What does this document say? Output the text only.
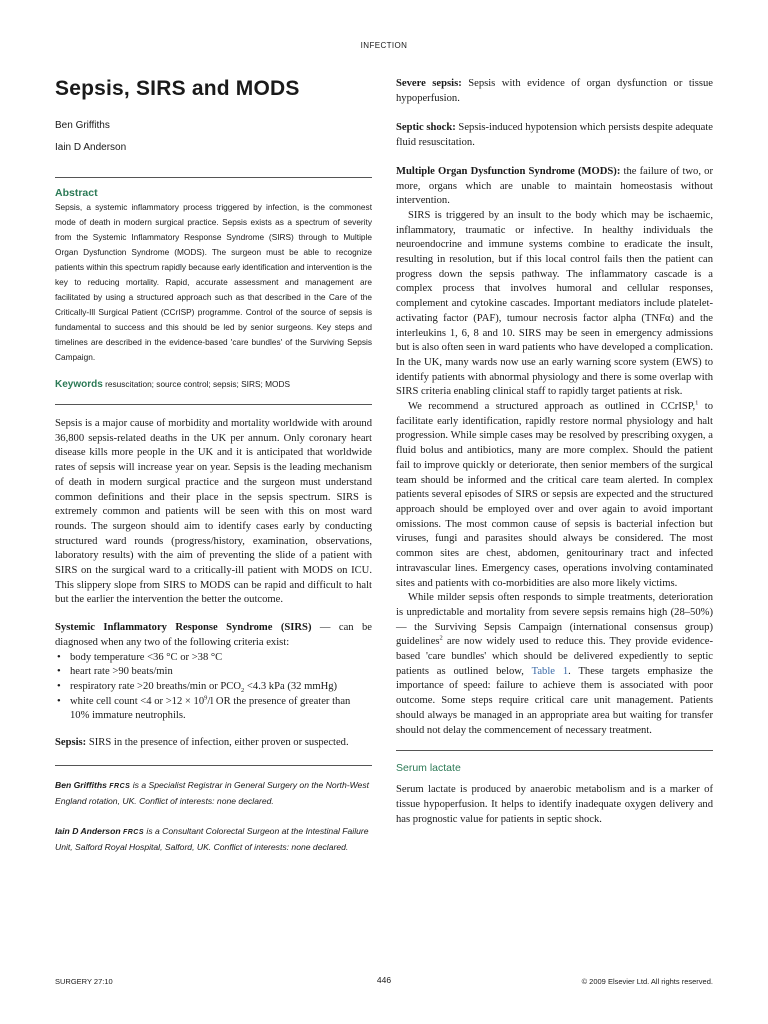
INFECTION
Sepsis, SIRS and MODS
Ben Griffiths
Iain D Anderson
Abstract

Sepsis, a systemic inflammatory process triggered by infection, is the commonest mode of death in modern surgical practice. Sepsis exists as a spectrum of severity from the Systemic Inflammatory Response Syndrome (SIRS) through to Multiple Organ Dysfunction Syndrome (MODS). The surgeon must be able to recognize patients within this spectrum rapidly because early identification and intervention is the key to reducing mortality. Rapid, accurate assessment and management are facilitated by using a structured approach such as that described in the Care of the Critically-Ill Surgical Patient (CCrISP) programme. Control of the source of sepsis is fundamental to success and this should be led by senior surgeons. Key steps and timelines are described in the evidence-based 'care bundles' of the Surviving Sepsis Campaign.

Keywords resuscitation; source control; sepsis; SIRS; MODS

Sepsis is a major cause of morbidity and mortality worldwide with around 36,800 sepsis-related deaths in the UK per annum. Only coronary heart disease kills more people in the UK and it is anticipated that worldwide rates of sepsis will increase year on year. Sepsis is the leading mechanism of death in modern surgical practice and the surgeon must understand common definitions and their place in the sepsis spectrum. SIRS is extremely common and patients will be seen with this on most ward rounds. The surgeon should aim to identify cases early by conducting structured ward rounds (progress/history, examination, observations, laboratory results) with the aim of preventing the slide of a patient with SIRS on the surgical ward to a critically-ill patient with MODS on ICU. This slippery slope from SIRS to MODS can be rapid and difficult to halt but the earlier the intervention the better the outcome.

Systemic Inflammatory Response Syndrome (SIRS) — can be diagnosed when any two of the following criteria exist:

• body temperature <36 °C or >38 °C
• heart rate >90 beats/min
• respiratory rate >20 breaths/min or $PCO_2 <4.3$ kPa (32 mmHg)
• white cell count <4 or $>12 \times 10^9/l$ OR the presence of greater than 10% immature neutrophils.

Sepsis: SIRS in the presence of infection, either proven or suspected.

Ben Griffiths FRCS is a Specialist Registrar in General Surgery on the North-West England rotation, UK. Conflict of interests: none declared.

Iain D Anderson FRCS is a Consultant Colorectal Surgeon at the Intestinal Failure Unit, Salford Royal Hospital, Salford, UK. Conflict of interests: none declared.

Severe sepsis: Sepsis with evidence of organ dysfunction or tissue hypoperfusion.

Septic shock: Sepsis-induced hypotension which persists despite adequate fluid resuscitation.

Multiple Organ Dysfunction Syndrome (MODS): the failure of two, or more, organs which are unable to maintain homeostasis without intervention.

SIRS is triggered by an insult to the body which may be ischaemic, inflammatory, traumatic or infective. In healthy individuals the neuroendocrine and immune systems combine to eradicate the insult, resulting in resolution, but if this local control fails then the patient can progress down the sepsis pathway. The inflammatory cascade is a complex process that involves humoral and cellular responses, complement and cytokine cascades. Important mediators include platelet-activating factor (PAF), tumour necrosis factor alpha (TNFα) and the interleukins 1, 6, 8 and 10. SIRS may be seen in emergency admissions but is also often seen in ward patients who have developed a complication. In the UK, many wards now use an early warning score system (EWS) to identify patients with abnormal physiology and there is some overlap with SIRS criteria enabling clinical staff to rapidly target patients at risk.

We recommend a structured approach as outlined in CCrISP,$^1$ to facilitate early identification, rapidly restore normal physiology and halt progression. While simple cases may be resolved by prescribing oxygen, a fluid bolus and antibiotics, many are more complex. Should the patient fail to improve quickly or deteriorate, then senior members of the surgical team should be informed and the critical care team alerted. In complex patients several episodes of SIRS or sepsis are expected and the structured approach should be employed over and over again to avoid important omissions. The most common cause of sepsis is bacterial infection but viruses, fungi and parasites should always be considered. The most common sites are chest, abdomen, genitourinary tract and infected intravascular lines. Emergency cases, operations involving contaminated sites and patients with co-morbidities are also more likely victims.

While milder sepsis often responds to simple treatments, deterioration is unpredictable and mortality from severe sepsis remains high (28–50%) — the Surviving Sepsis Campaign (international consensus group) guidelines$^2$ are now widely used to reduce this. They provide evidence-based 'care bundles' which should be delivered expediently to septic patients as outlined below, Table 1. These targets emphasize the importance of speed: failure to achieve them is associated with poor outcome. Some steps require critical care unit management. Patients should always be managed in an appropriate area but waiting for transfer should not delay the commencement of necessary treatment.

Serum lactate

Serum lactate is produced by anaerobic metabolism and is a marker of tissue hypoperfusion. It helps to identify inadequate oxygen delivery and has prognostic value for patients in septic shock.

SURGERY 27:10	446	© 2009 Elsevier Ltd. All rights reserved.
